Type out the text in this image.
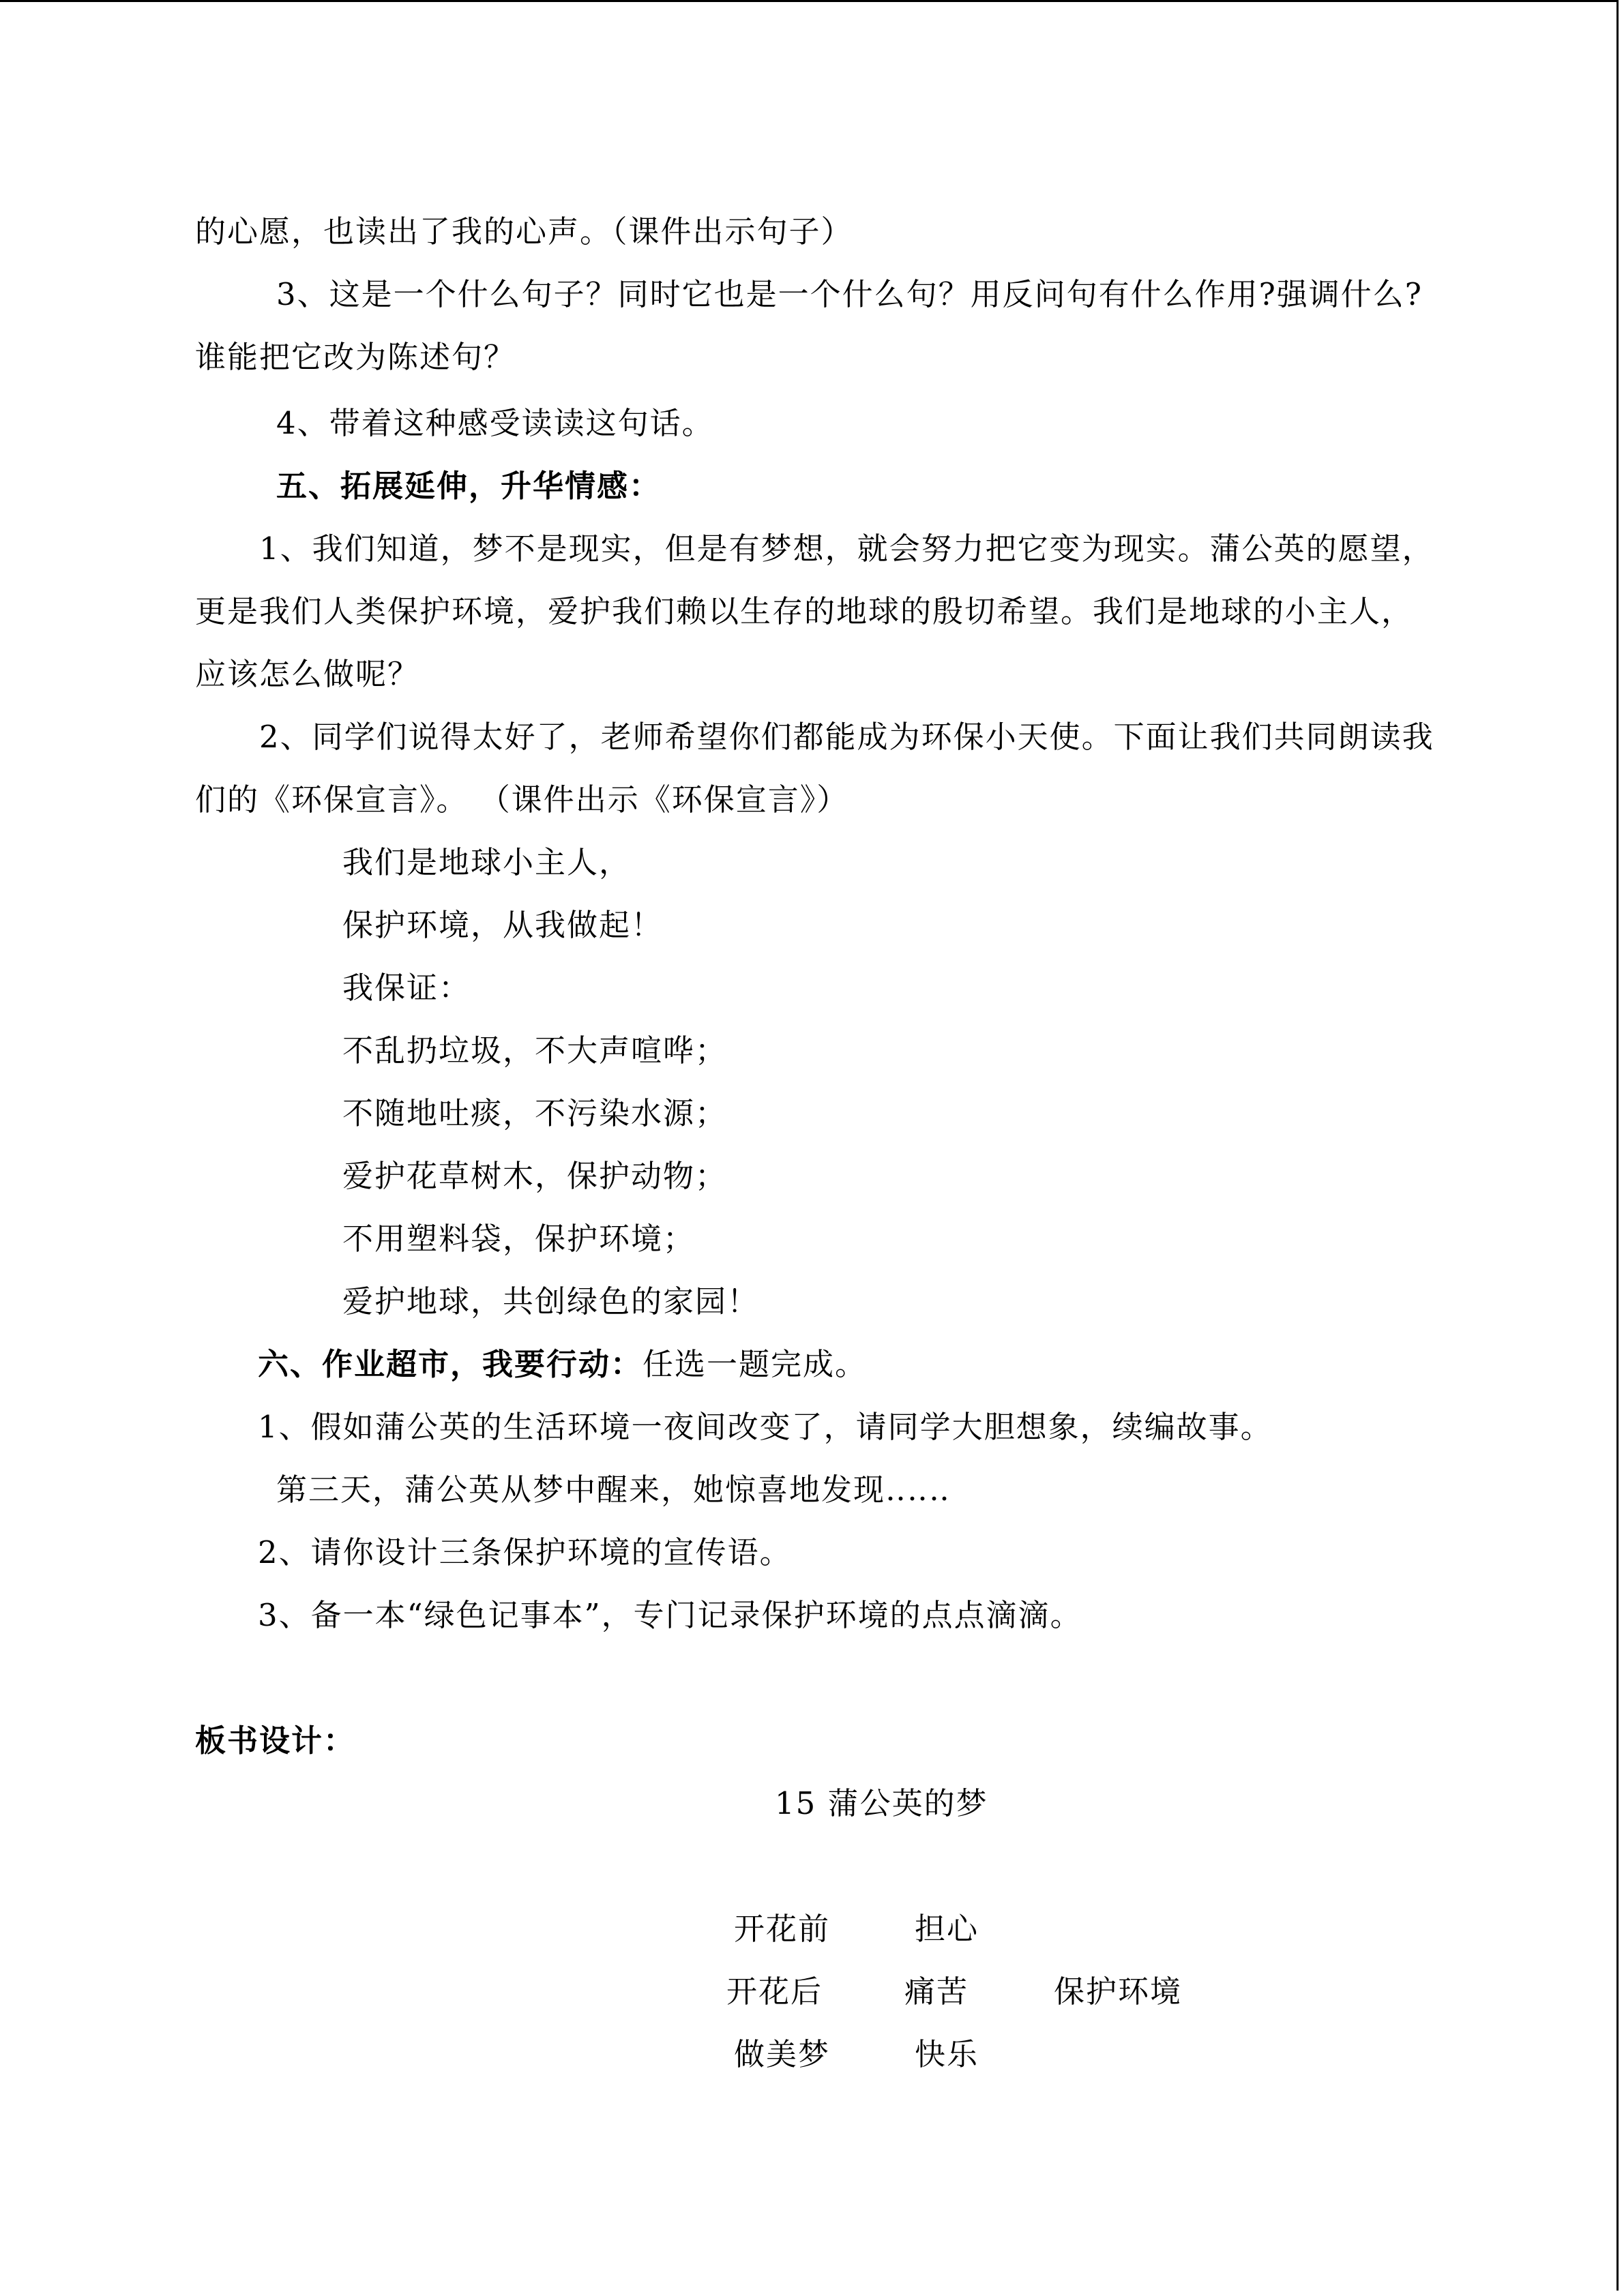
的心愿，也读出了我的心声。（课件出示句子）
3、这是一个什么句子？同时它也是一个什么句？用反问句有什么作用?强调什么?
谁能把它改为陈述句？
4、带着这种感受读读这句话。
五、拓展延伸，升华情感：
1、我们知道，梦不是现实，但是有梦想，就会努力把它变为现实。蒲公英的愿望，
更是我们人类保护环境，爱护我们赖以生存的地球的殷切希望。我们是地球的小主人，
应该怎么做呢？
2、同学们说得太好了，老师希望你们都能成为环保小天使。下面让我们共同朗读我
们的《环保宣言》。 （课件出示《环保宣言》）
我们是地球小主人，
保护环境，从我做起！
我保证：
不乱扔垃圾，不大声喧哗；
不随地吐痰，不污染水源；
爱护花草树木，保护动物；
不用塑料袋，保护环境；
爱护地球，共创绿色的家园！
六、作业超市，我要行动：任选一题完成。
1、假如蒲公英的生活环境一夜间改变了，请同学大胆想象，续编故事。
第三天，蒲公英从梦中醒来，她惊喜地发现‥‥‥
2、请你设计三条保护环境的宣传语。
3、备一本“绿色记事本”，专门记录保护环境的点点滴滴。
板书设计：
15 蒲公英的梦
开花前	担心
开花后	痛苦	保护环境
做美梦	快乐
